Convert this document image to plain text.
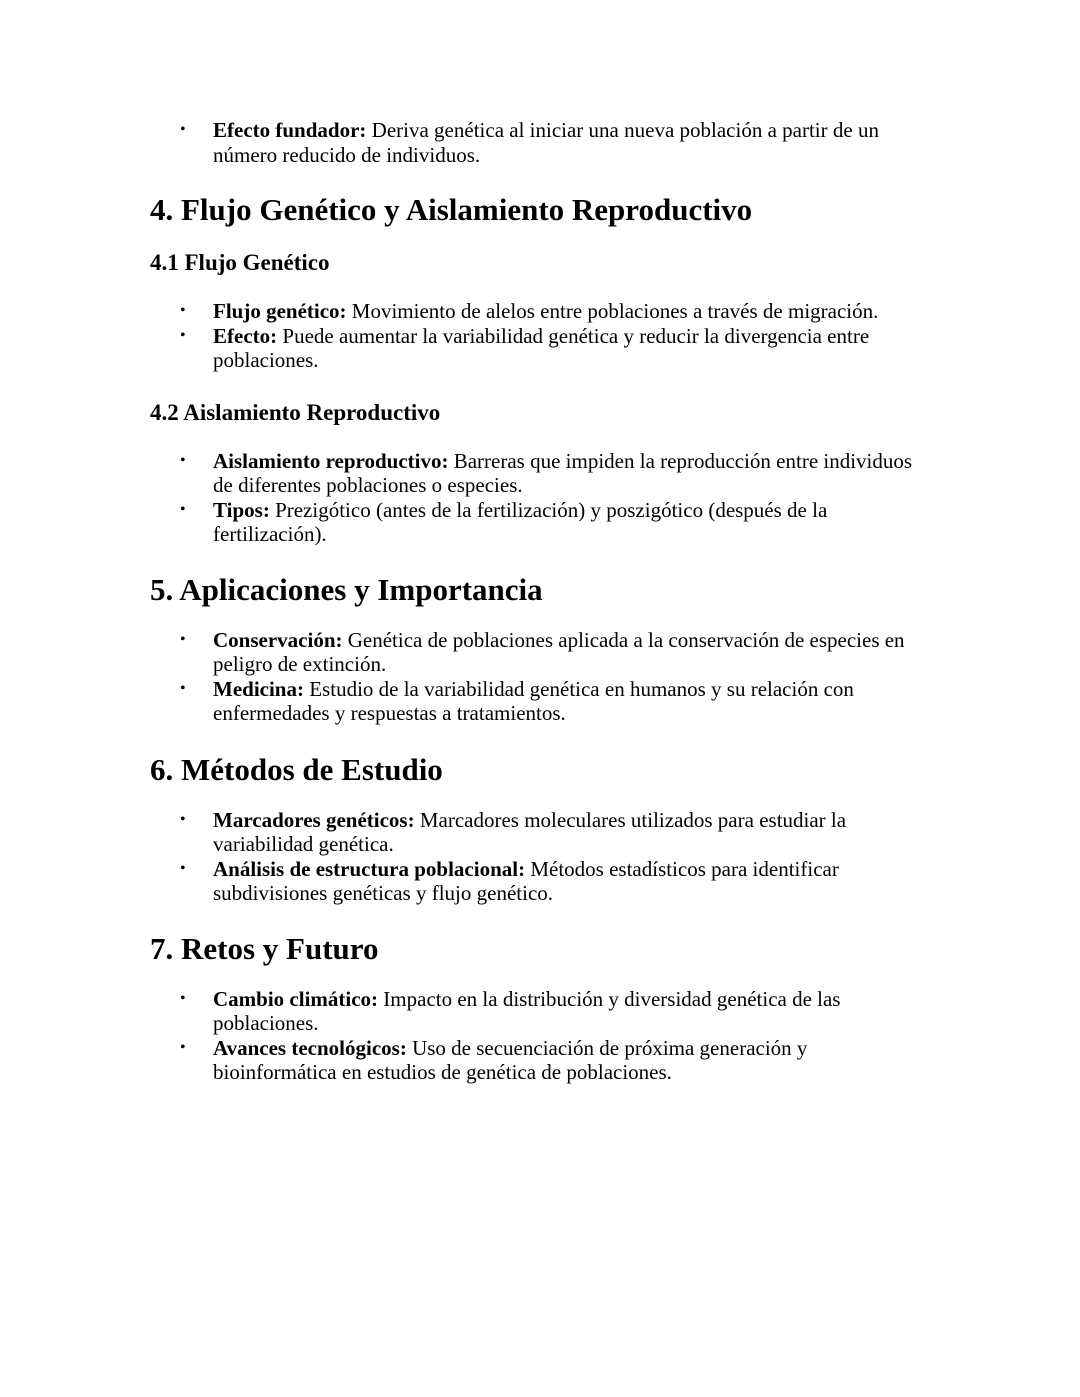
• Efecto fundador: Deriva genética al iniciar una nueva población a partir de un número reducido de individuos.
4. Flujo Genético y Aislamiento Reproductivo
4.1 Flujo Genético
• Flujo genético: Movimiento de alelos entre poblaciones a través de migración.
• Efecto: Puede aumentar la variabilidad genética y reducir la divergencia entre poblaciones.
4.2 Aislamiento Reproductivo
• Aislamiento reproductivo: Barreras que impiden la reproducción entre individuos de diferentes poblaciones o especies.
• Tipos: Prezigótico (antes de la fertilización) y poszigótico (después de la fertilización).
5. Aplicaciones y Importancia
• Conservación: Genética de poblaciones aplicada a la conservación de especies en peligro de extinción.
• Medicina: Estudio de la variabilidad genética en humanos y su relación con enfermedades y respuestas a tratamientos.
6. Métodos de Estudio
• Marcadores genéticos: Marcadores moleculares utilizados para estudiar la variabilidad genética.
• Análisis de estructura poblacional: Métodos estadísticos para identificar subdivisiones genéticas y flujo genético.
7. Retos y Futuro
• Cambio climático: Impacto en la distribución y diversidad genética de las poblaciones.
• Avances tecnológicos: Uso de secuenciación de próxima generación y bioinformática en estudios de genética de poblaciones.
